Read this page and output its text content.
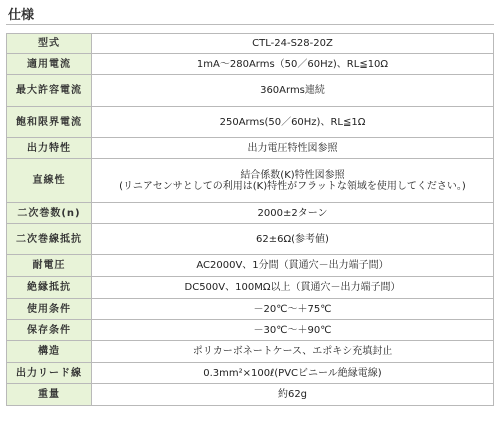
仕様
型式	CTL-24-S28-20Z
適用電流	1mA～280Arms（50／60Hz)、RL≦10Ω
最大許容電流	360Arms連続
飽和限界電流	250Arms(50／60Hz)、RL≦1Ω
出力特性	出力電圧特性図参照
直線性	結合係数(K)特性図参照
(リニアセンサとしての利用は(K)特性がフラットな領域を使用してください。)
二次巻数(n)	2000±2ターン
二次巻線抵抗	62±6Ω(参考値)
耐電圧	AC2000V、1分間（貫通穴－出力端子間）
絶縁抵抗	DC500V、100MΩ以上（貫通穴－出力端子間）
使用条件	－20℃～＋75℃
保存条件	－30℃～＋90℃
構造	ポリカーボネートケース、エポキシ充填封止
出力リード線	0.3mm²×100ℓ(PVCビニール絶縁電線)
重量	約62g
